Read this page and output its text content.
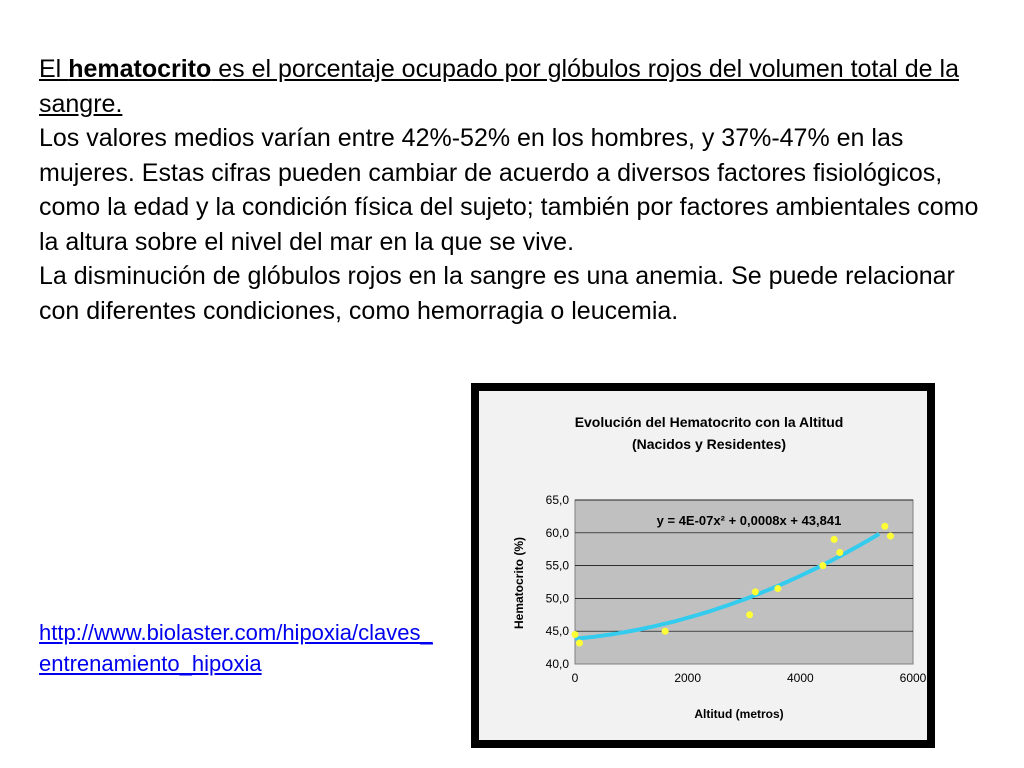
El hematocrito es el porcentaje ocupado por glóbulos rojos del volumen total de la sangre.

Los valores medios varían entre 42%-52% en los hombres, y 37%-47% en las mujeres. Estas cifras pueden cambiar de acuerdo a diversos factores fisiológicos, como la edad y la condición física del sujeto; también por factores ambientales como la altura sobre el nivel del mar en la que se vive.

La disminución de glóbulos rojos en la sangre es una anemia. Se puede relacionar con diferentes condiciones, como hemorragia o leucemia.

http://www.biolaster.com/hipoxia/claves_entrenamiento_hipoxia
Evolución del Hematocrito con la Altitud
(Nacidos y Residentes)
40,0
45,0
50,0
55,0
60,0
65,0
0	2000	4000	6000
y = 4E-07x² + 0,0008x + 43,841
Hematocrito (%)
Altitud (metros)
